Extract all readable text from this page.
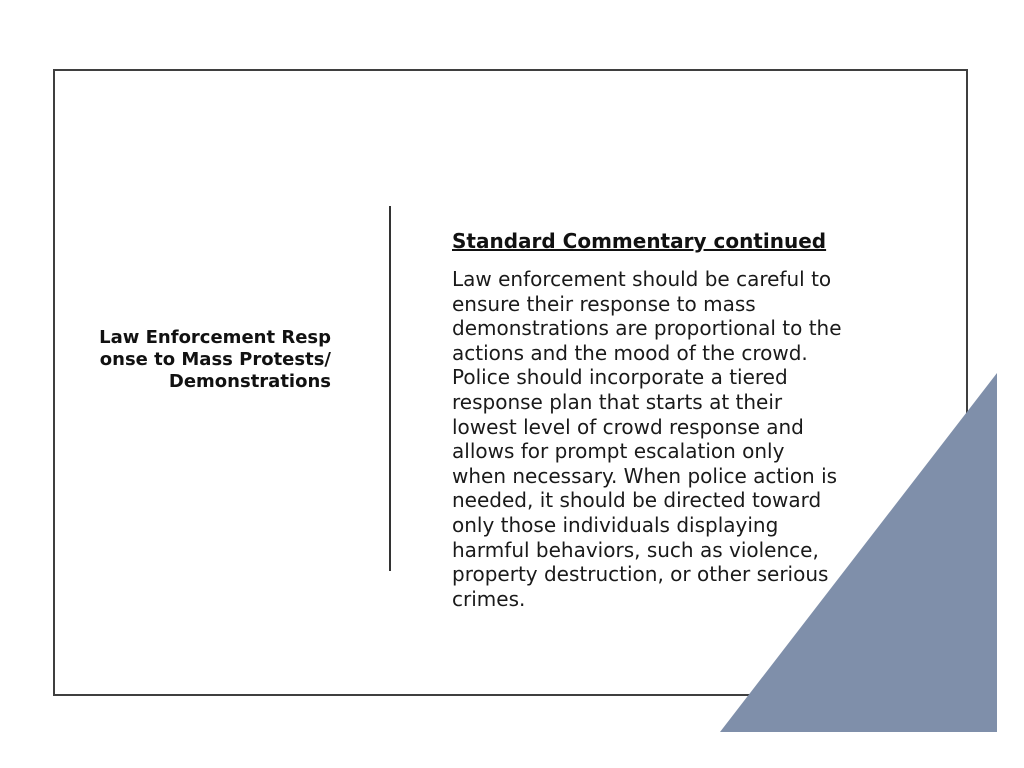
Law Enforcement Response to Mass Protests/Demonstrations
Standard Commentary continued

Law enforcement should be careful to ensure their response to mass demonstrations are proportional to the actions and the mood of the crowd. Police should incorporate a tiered response plan that starts at their lowest level of crowd response and allows for prompt escalation only when necessary. When police action is needed, it should be directed toward only those individuals displaying harmful behaviors, such as violence, property destruction, or other serious crimes.
